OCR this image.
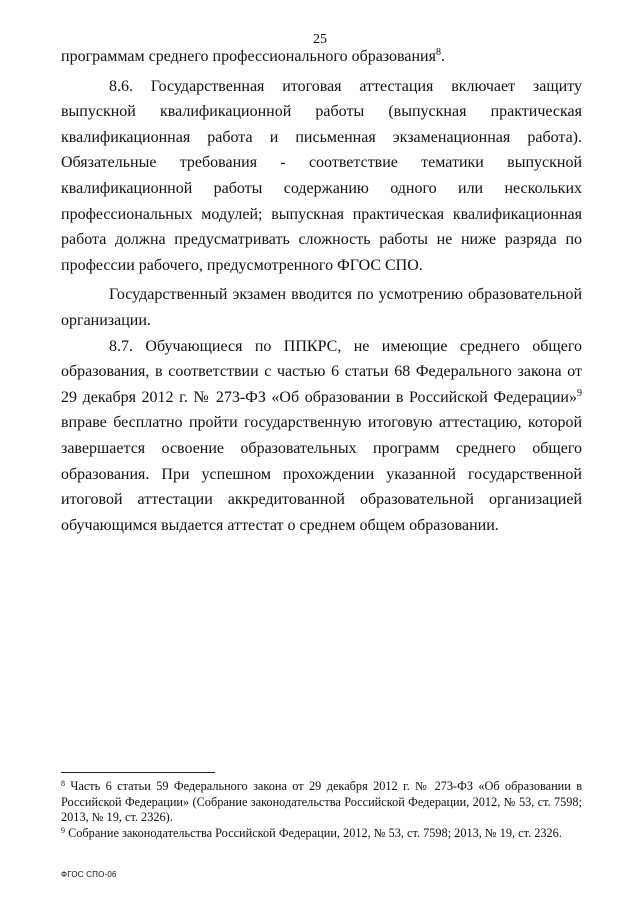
25

программам среднего профессионального образования$^8$.

8.6. Государственная итоговая аттестация включает защиту выпускной квалификационной работы (выпускная практическая квалификационная работа и письменная экзаменационная работа). Обязательные требования - соответствие тематики выпускной квалификационной работы содержанию одного или нескольких профессиональных модулей; выпускная практическая квалификационная работа должна предусматривать сложность работы не ниже разряда по профессии рабочего, предусмотренного ФГОС СПО.

Государственный экзамен вводится по усмотрению образовательной организации.

8.7. Обучающиеся по ППКРС, не имеющие среднего общего образования, в соответствии с частью 6 статьи 68 Федерального закона от 29 декабря 2012 г. № 273-ФЗ «Об образовании в Российской Федерации»$^9$ вправе бесплатно пройти государственную итоговую аттестацию, которой завершается освоение образовательных программ среднего общего образования. При успешном прохождении указанной государственной итоговой аттестации аккредитованной образовательной организацией обучающимся выдается аттестат о среднем общем образовании.

$^8$ Часть 6 статьи 59 Федерального закона от 29 декабря 2012 г. № 273-ФЗ «Об образовании в Российской Федерации» (Собрание законодательства Российской Федерации, 2012, № 53, ст. 7598; 2013, № 19, ст. 2326).

$^9$ Собрание законодательства Российской Федерации, 2012, № 53, ст. 7598; 2013, № 19, ст. 2326.

ФГОС СПО-06
